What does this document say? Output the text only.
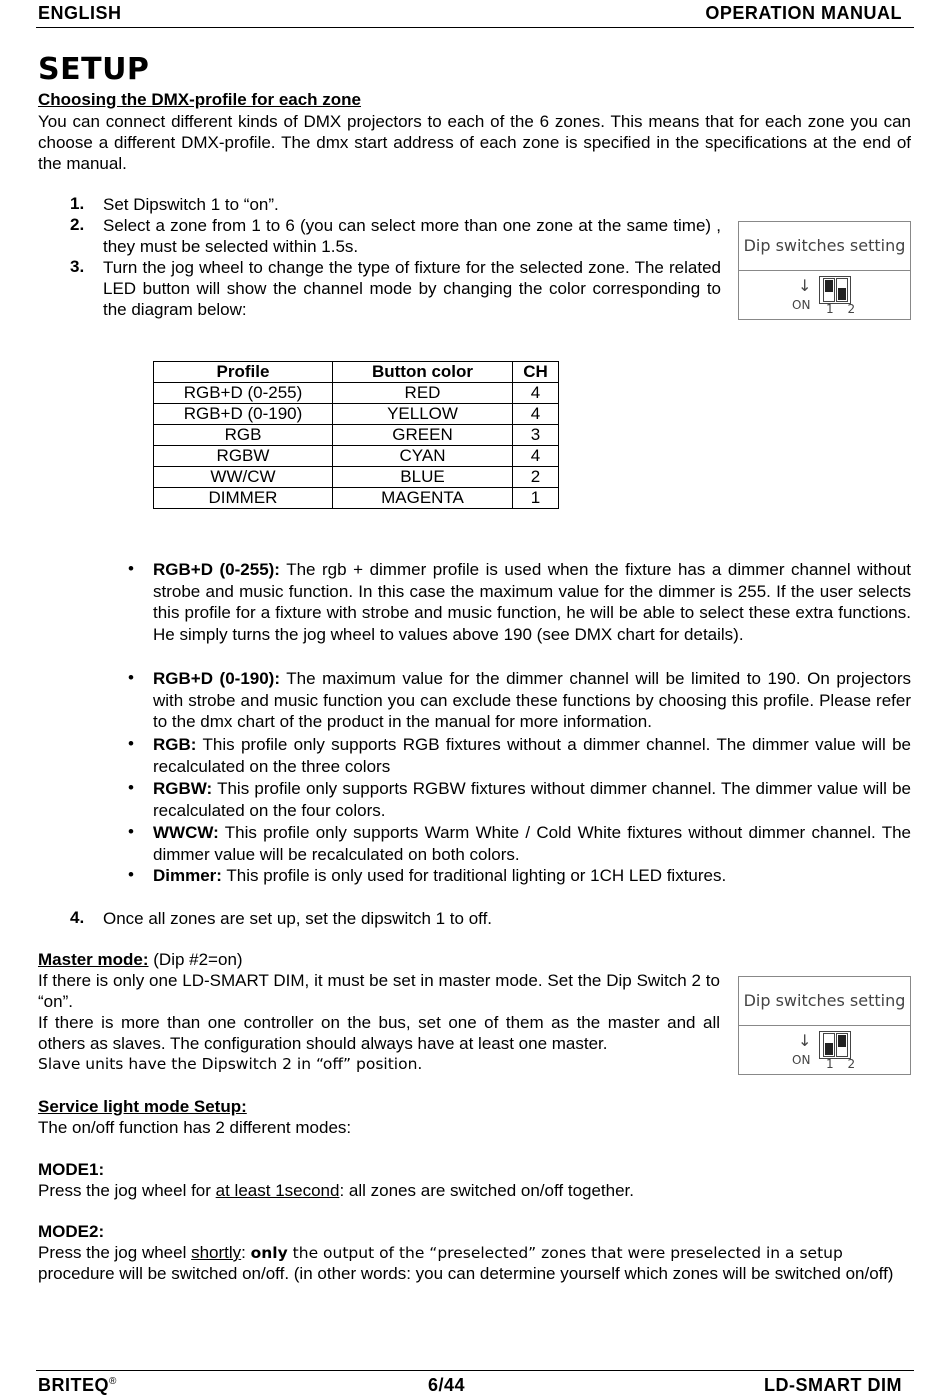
ENGLISH	OPERATION MANUAL
SETUP
Choosing the DMX-profile for each zone
You can connect different kinds of DMX projectors to each of the 6 zones. This means that for each zone you can choose a different DMX-profile. The dmx start address of each zone is specified in the specifications at the end of the manual.
1. Set Dipswitch 1 to “on”.
2. Select a zone from 1 to 6 (you can select more than one zone at the same time) , they must be selected within 1.5s.
3. Turn the jog wheel to change the type of fixture for the selected zone. The related LED button will show the channel mode by changing the color corresponding to the diagram below:
Dip switches setting
↓
ON 1 2
Profile	Button color	CH
RGB+D (0-255)	RED	4
RGB+D (0-190)	YELLOW	4
RGB	GREEN	3
RGBW	CYAN	4
WW/CW	BLUE	2
DIMMER	MAGENTA	1
• RGB+D (0-255): The rgb + dimmer profile is used when the fixture has a dimmer channel without strobe and music function. In this case the maximum value for the dimmer is 255. If the user selects this profile for a fixture with strobe and music function, he will be able to select these extra functions. He simply turns the jog wheel to values above 190 (see DMX chart for details).
• RGB+D (0-190): The maximum value for the dimmer channel will be limited to 190. On projectors with strobe and music function you can exclude these functions by choosing this profile. Please refer to the dmx chart of the product in the manual for more information.
• RGB: This profile only supports RGB fixtures without a dimmer channel. The dimmer value will be recalculated on the three colors
• RGBW: This profile only supports RGBW fixtures without dimmer channel. The dimmer value will be recalculated on the four colors.
• WWCW: This profile only supports Warm White / Cold White fixtures without dimmer channel. The dimmer value will be recalculated on both colors.
• Dimmer: This profile is only used for traditional lighting or 1CH LED fixtures.
4. Once all zones are set up, set the dipswitch 1 to off.
Master mode: (Dip #2=on)
If there is only one LD-SMART DIM, it must be set in master mode. Set the Dip Switch 2 to “on”.
If there is more than one controller on the bus, set one of them as the master and all others as slaves. The configuration should always have at least one master.
Slave units have the Dipswitch 2 in “off” position.
Dip switches setting
↓
ON 1 2
Service light mode Setup:
The on/off function has 2 different modes:
MODE1:
Press the jog wheel for at least 1second: all zones are switched on/off together.
MODE2:
Press the jog wheel shortly: only the output of the “preselected” zones that were preselected in a setup
procedure will be switched on/off. (in other words: you can determine yourself which zones will be switched on/off)
BRITEQ®	6/44	LD-SMART DIM
